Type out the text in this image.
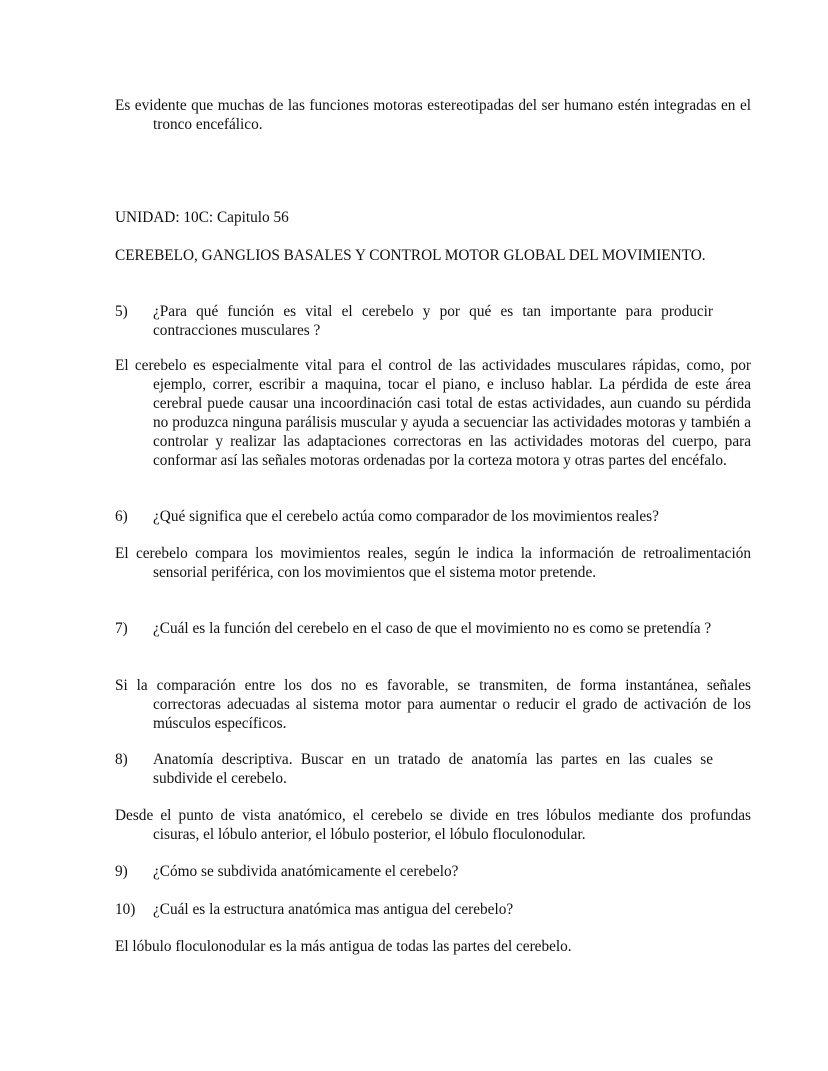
Es evidente que muchas de las funciones motoras estereotipadas del ser humano estén integradas en el tronco encefálico.
UNIDAD: 10C: Capitulo 56
CEREBELO, GANGLIOS BASALES Y CONTROL MOTOR GLOBAL DEL MOVIMIENTO.
5)	¿Para qué función es vital el cerebelo y por qué es tan importante para producir contracciones musculares ?
El cerebelo es especialmente vital para el control de las actividades musculares rápidas, como, por ejemplo, correr, escribir a maquina, tocar el piano, e incluso hablar. La pérdida de este área cerebral puede causar una incoordinación casi total de estas actividades, aun cuando su pérdida no produzca ninguna parálisis muscular y ayuda a secuenciar las actividades motoras y también a controlar y realizar las adaptaciones correctoras en las actividades motoras del cuerpo, para conformar así las señales motoras ordenadas por la corteza motora y otras partes del encéfalo.
6)	¿Qué significa que el cerebelo actúa como comparador de los movimientos reales?
El cerebelo compara los movimientos reales, según le indica la información de retroalimentación sensorial periférica, con los movimientos que el sistema motor pretende.
7)	¿Cuál es la función del cerebelo en el caso de que el movimiento no es como se pretendía ?
Si la comparación entre los dos no es favorable, se transmiten, de forma instantánea, señales correctoras adecuadas al sistema motor para aumentar o reducir el grado de activación de los músculos específicos.
8)	Anatomía descriptiva. Buscar en un tratado de anatomía las partes en las cuales se subdivide el cerebelo.
Desde el punto de vista anatómico, el cerebelo se divide en tres lóbulos mediante dos profundas cisuras, el lóbulo anterior, el lóbulo posterior, el lóbulo floculonodular.
9)	¿Cómo se subdivida anatómicamente el cerebelo?
10)	¿Cuál es la estructura anatómica mas antigua del cerebelo?
El lóbulo floculonodular es la más antigua de todas las partes del cerebelo.
